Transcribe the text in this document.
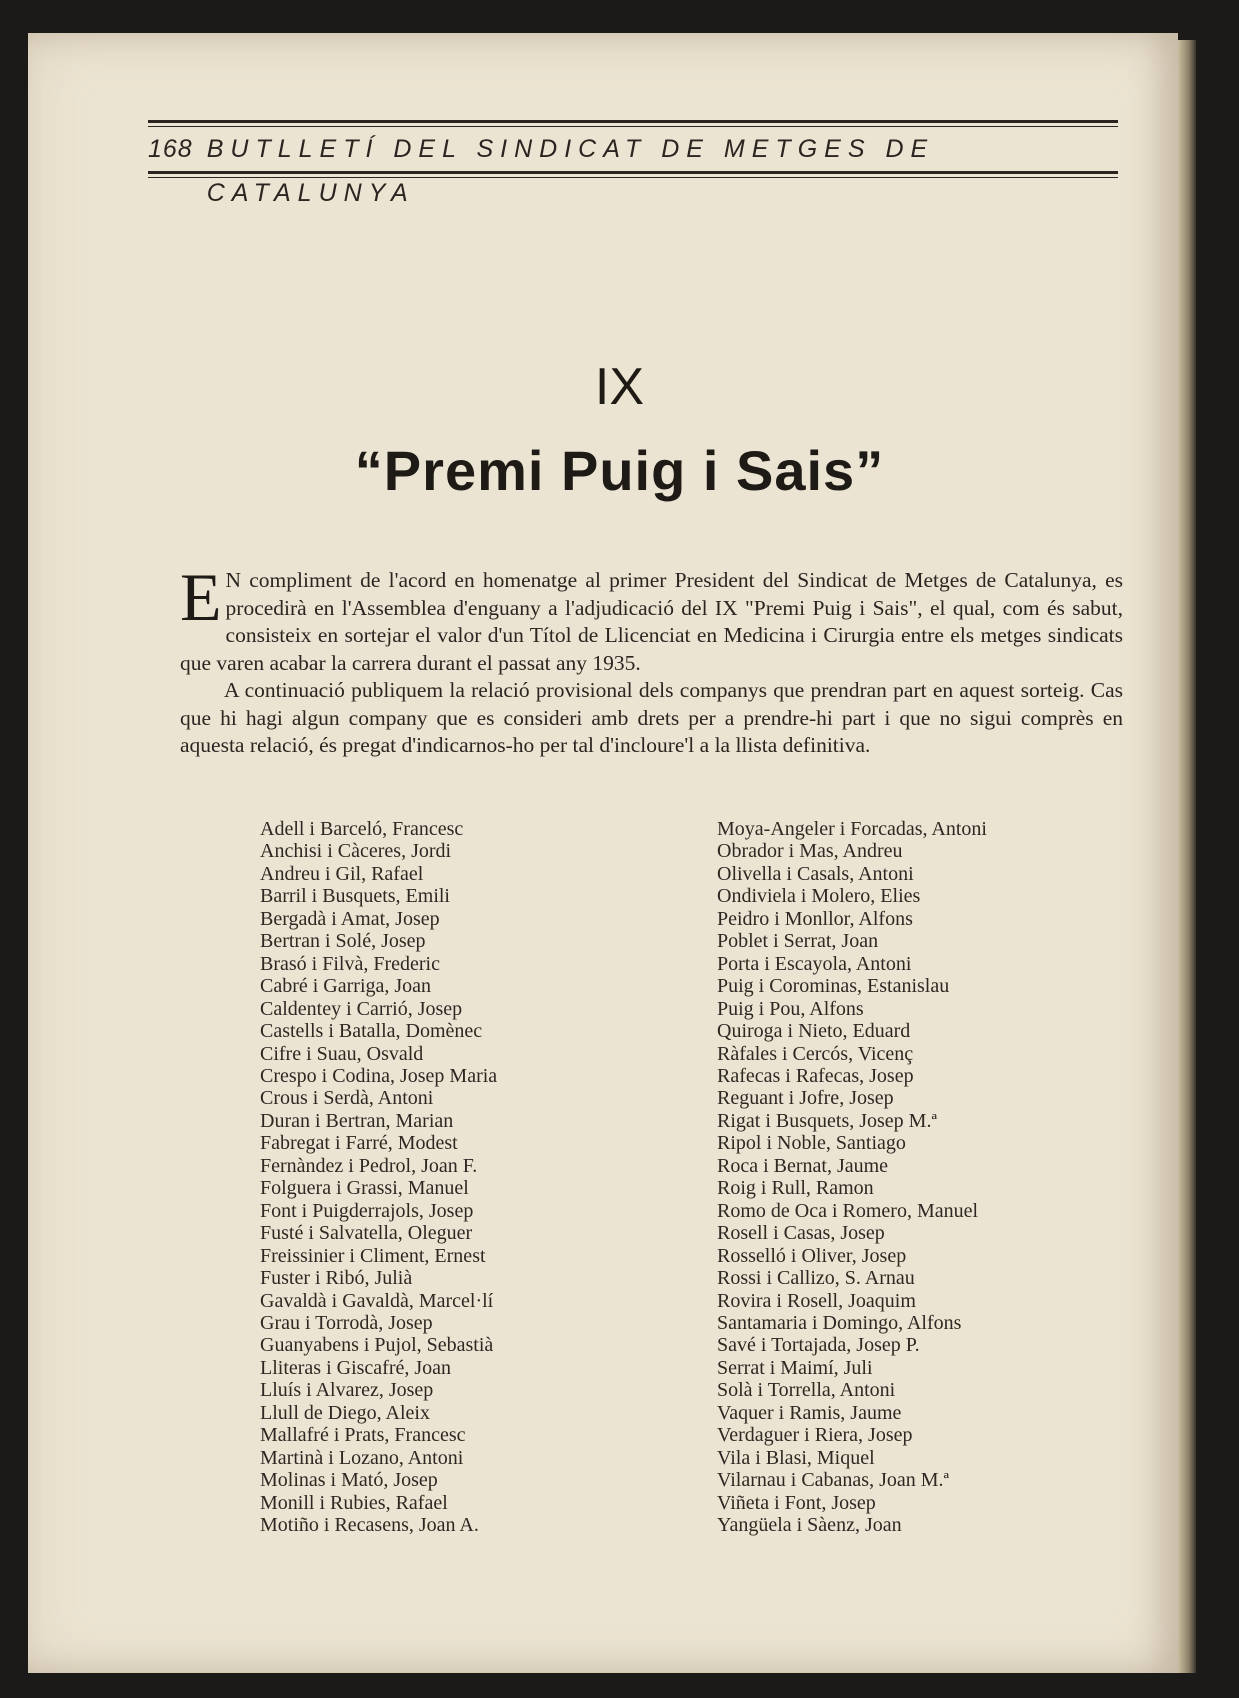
168 BUTLLETÍ DEL SINDICAT DE METGES DE CATALUNYA
IX
“Premi Puig i Sais”

E N compliment de l'acord en homenatge al primer President del Sindicat de Metges de Catalunya, es procedirà en l'Assemblea d'enguany a l'adjudicació del IX "Premi Puig i Sais", el qual, com és sabut, consisteix en sortejar el valor d'un Títol de Llicenciat en Medicina i Cirurgia entre els metges sindicats que varen acabar la carrera durant el passat any 1935.

A continuació publiquem la relació provisional dels companys que prendran part en aquest sorteig. Cas que hi hagi algun company que es consideri amb drets per a prendre-hi part i que no sigui comprès en aquesta relació, és pregat d'indicarnos-ho per tal d'incloure'l a la llista definitiva.

Adell i Barceló, Francesc
Anchisi i Càceres, Jordi
Andreu i Gil, Rafael
Barril i Busquets, Emili
Bergadà i Amat, Josep
Bertran i Solé, Josep
Brasó i Filvà, Frederic
Cabré i Garriga, Joan
Caldentey i Carrió, Josep
Castells i Batalla, Domènec
Cifre i Suau, Osvald
Crespo i Codina, Josep Maria
Crous i Serdà, Antoni
Duran i Bertran, Marian
Fabregat i Farré, Modest
Fernàndez i Pedrol, Joan F.
Folguera i Grassi, Manuel
Font i Puigderrajols, Josep
Fusté i Salvatella, Oleguer
Freissinier i Climent, Ernest
Fuster i Ribó, Julià
Gavaldà i Gavaldà, Marcel·lí
Grau i Torrodà, Josep
Guanyabens i Pujol, Sebastià
Lliteras i Giscafré, Joan
Lluís i Alvarez, Josep
Llull de Diego, Aleix
Mallafré i Prats, Francesc
Martinà i Lozano, Antoni
Molinas i Mató, Josep
Monill i Rubies, Rafael
Motiño i Recasens, Joan A.
Moya-Angeler i Forcadas, Antoni
Obrador i Mas, Andreu
Olivella i Casals, Antoni
Ondiviela i Molero, Elies
Peidro i Monllor, Alfons
Poblet i Serrat, Joan
Porta i Escayola, Antoni
Puig i Corominas, Estanislau
Puig i Pou, Alfons
Quiroga i Nieto, Eduard
Ràfales i Cercós, Vicenç
Rafecas i Rafecas, Josep
Reguant i Jofre, Josep
Rigat i Busquets, Josep M.ª
Ripol i Noble, Santiago
Roca i Bernat, Jaume
Roig i Rull, Ramon
Romo de Oca i Romero, Manuel
Rosell i Casas, Josep
Rosselló i Oliver, Josep
Rossi i Callizo, S. Arnau
Rovira i Rosell, Joaquim
Santamaria i Domingo, Alfons
Savé i Tortajada, Josep P.
Serrat i Maimí, Juli
Solà i Torrella, Antoni
Vaquer i Ramis, Jaume
Verdaguer i Riera, Josep
Vila i Blasi, Miquel
Vilarnau i Cabanas, Joan M.ª
Viñeta i Font, Josep
Yangüela i Sàenz, Joan
